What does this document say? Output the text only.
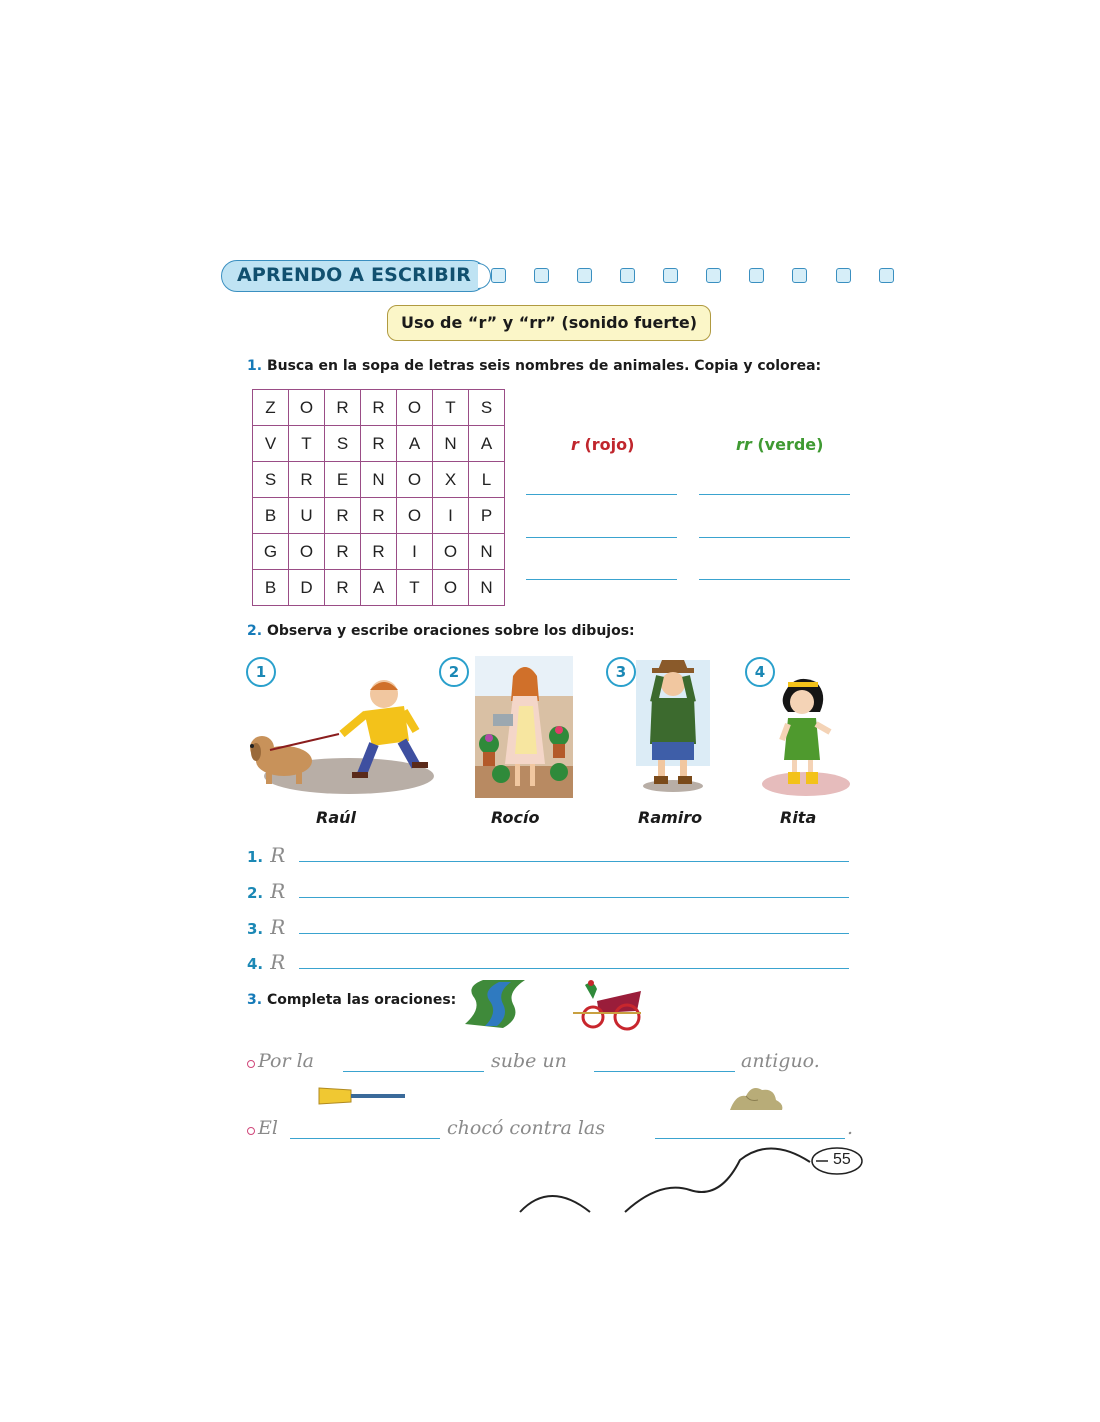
APRENDO A ESCRIBIR
Uso de “r” y “rr” (sonido fuerte)
1. Busca en la sopa de letras seis nombres de animales. Copia y colorea:
Z	O	R	R	O	T	S
V	T	S	R	A	N	A
S	R	E	N	O	X	L
B	U	R	R	O	I	P
G	O	R	R	I	O	N
B	D	R	A	T	O	N
r (rojo)	rr (verde)
2. Observa y escribe oraciones sobre los dibujos:
1	2	3	4
Raúl	Rocío	Ramiro	Rita
1. R
2. R
3. R
4. R
3. Completa las oraciones:
Por la	sube un	antiguo.
El	chocó contra las	.
55
